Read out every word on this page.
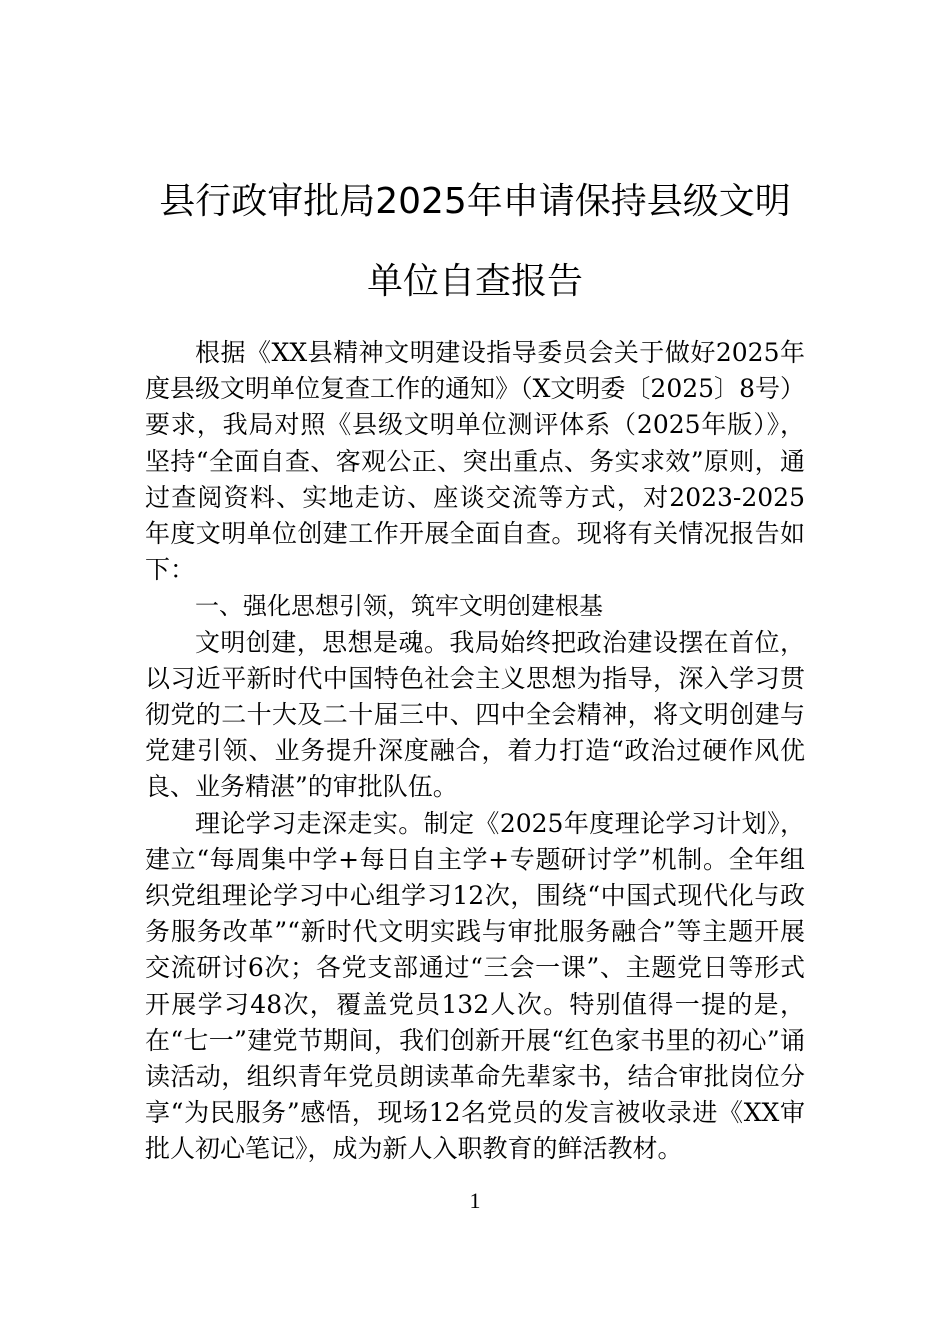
县行政审批局2025年申请保持县级文明单位自查报告

根据《XX县精神文明建设指导委员会关于做好2025年度县级文明单位复查工作的通知》（X文明委〔2025〕8号）要求，我局对照《县级文明单位测评体系（2025年版）》，坚持“全面自查、客观公正、突出重点、务实求效”原则，通过查阅资料、实地走访、座谈交流等方式，对2023-2025年度文明单位创建工作开展全面自查。现将有关情况报告如下：

一、强化思想引领，筑牢文明创建根基

文明创建，思想是魂。我局始终把政治建设摆在首位，以习近平新时代中国特色社会主义思想为指导，深入学习贯彻党的二十大及二十届三中、四中全会精神，将文明创建与党建引领、业务提升深度融合，着力打造“政治过硬作风优良、业务精湛”的审批队伍。

理论学习走深走实。制定《2025年度理论学习计划》，建立“每周集中学+每日自主学+专题研讨学”机制。全年组织党组理论学习中心组学习12次，围绕“中国式现代化与政务服务改革”“新时代文明实践与审批服务融合”等主题开展交流研讨6次；各党支部通过“三会一课”、主题党日等形式开展学习48次，覆盖党员132人次。特别值得一提的是，在“七一”建党节期间，我们创新开展“红色家书里的初心”诵读活动，组织青年党员朗读革命先辈家书，结合审批岗位分享“为民服务”感悟，现场12名党员的发言被收录进《XX审批人初心笔记》，成为新人入职教育的鲜活教材。

1
